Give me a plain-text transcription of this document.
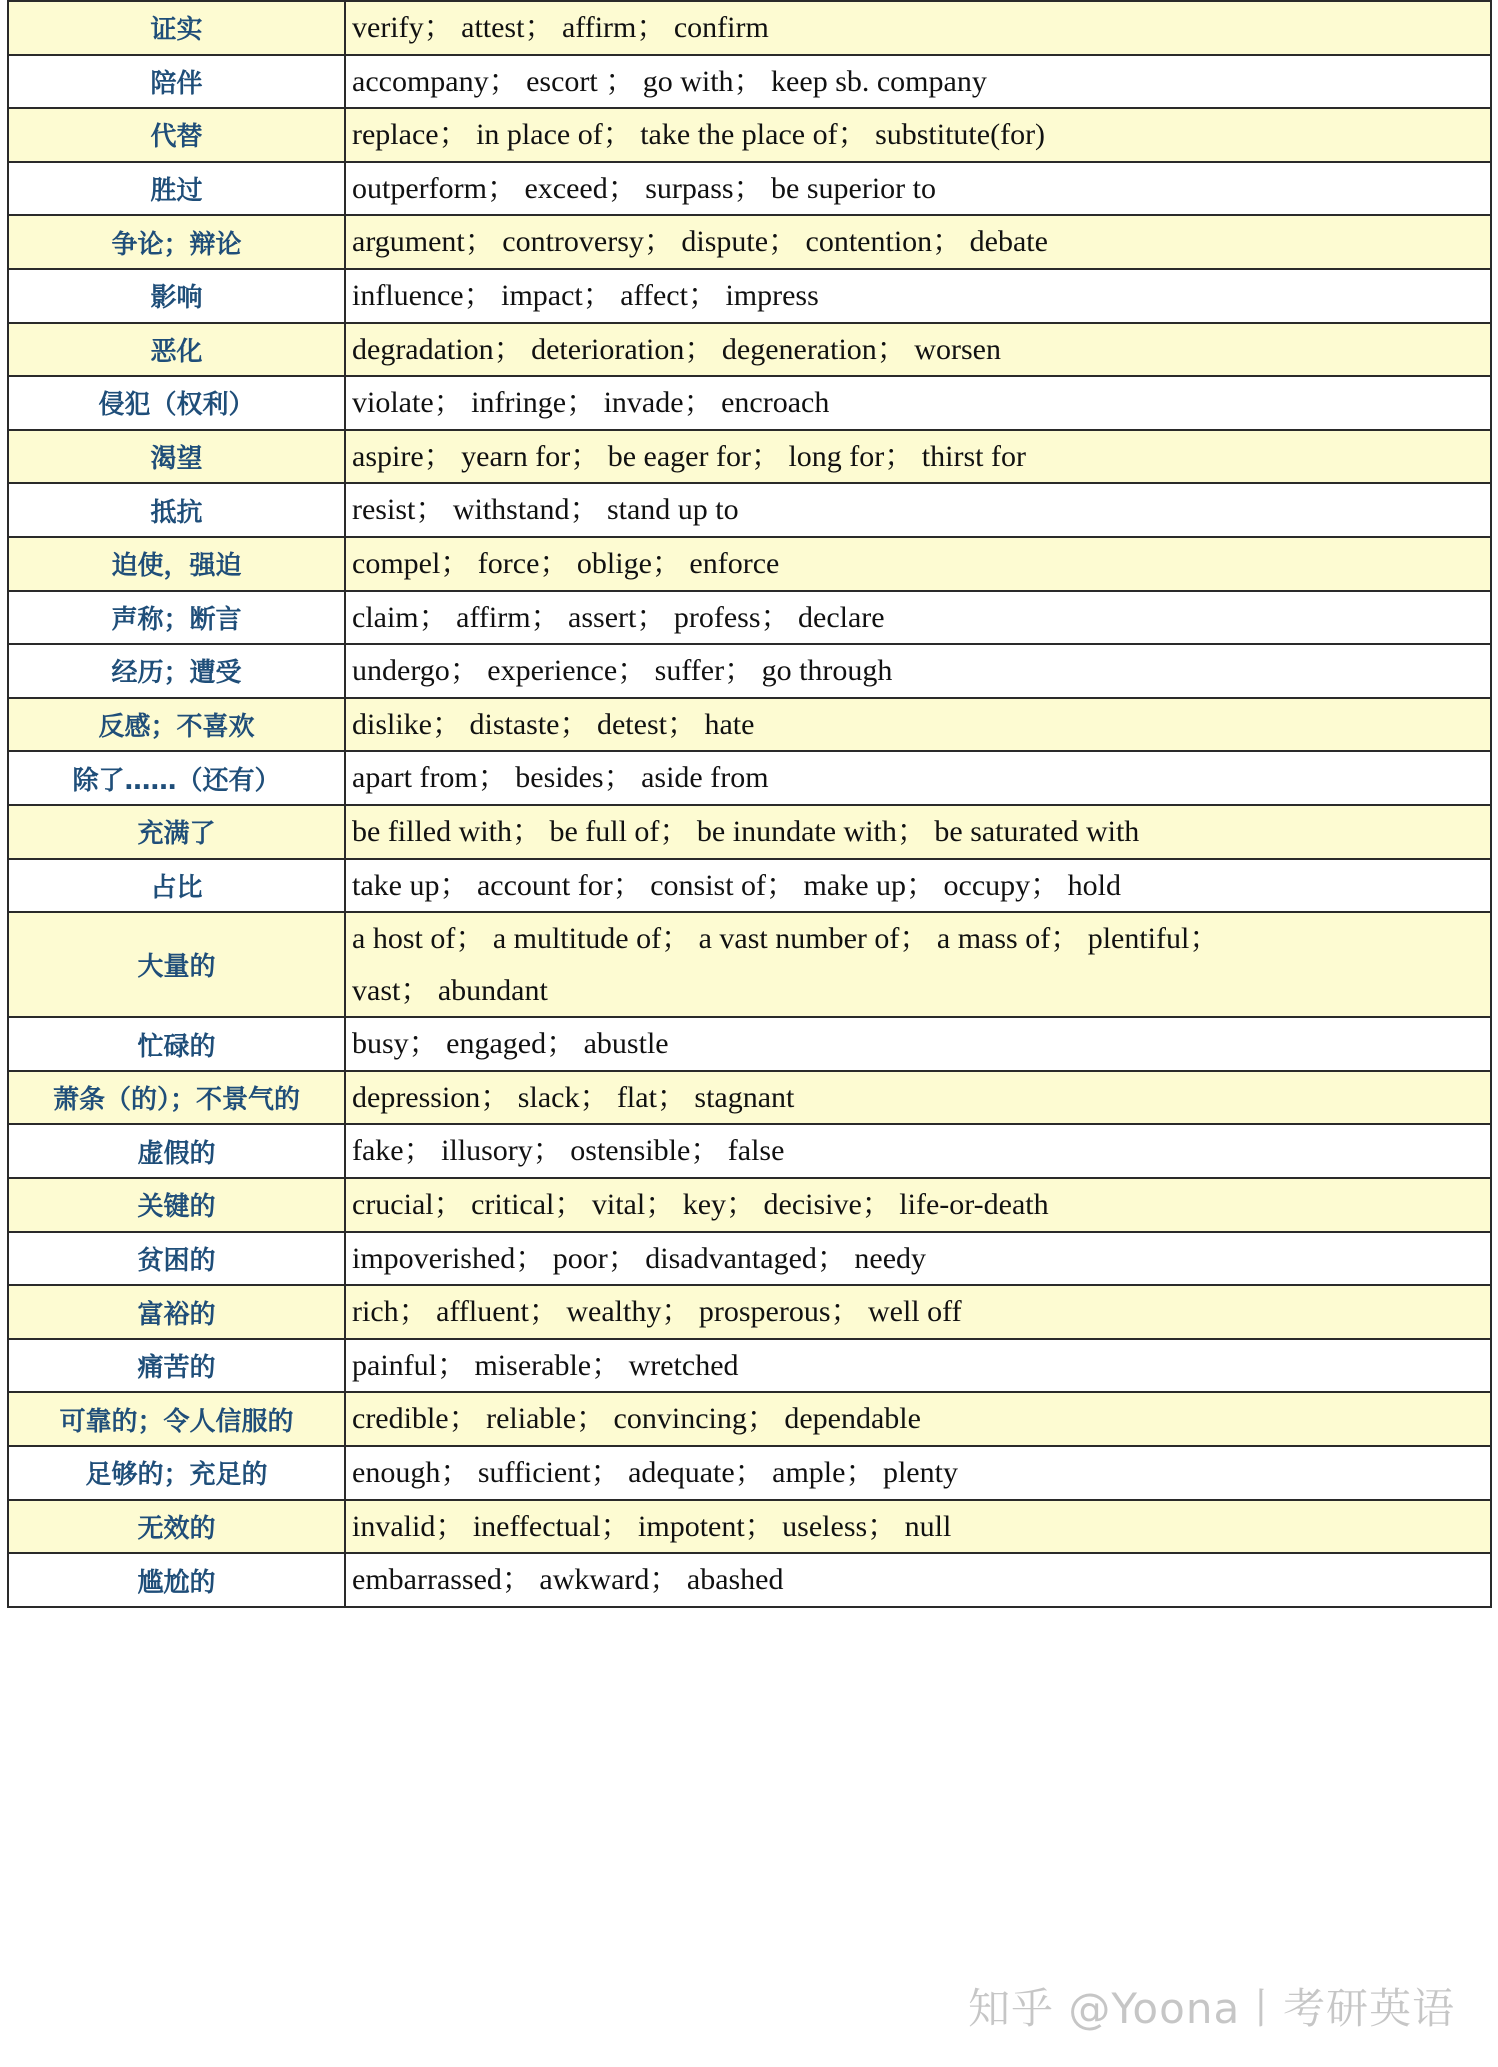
证实	verify； attest； affirm； confirm

陪伴	accompany； escort ； go with； keep sb. company

代替	replace； in place of； take the place of； substitute(for)

胜过	outperform； exceed； surpass； be superior to

争论；辩论	argument； controversy； dispute； contention； debate

影响	influence； impact； affect； impress

恶化	degradation； deterioration； degeneration； worsen

侵犯（权利）	violate； infringe； invade； encroach

渴望	aspire； yearn for； be eager for； long for； thirst for

抵抗	resist； withstand； stand up to

迫使，强迫	compel； force； oblige； enforce

声称；断言	claim； affirm； assert； profess； declare

经历；遭受	undergo； experience； suffer； go through

反感；不喜欢	dislike； distaste； detest； hate

除了……（还有）	apart from； besides； aside from

充满了	be filled with； be full of； be inundate with； be saturated with

占比	take up； account for； consist of； make up； occupy； hold

大量的	a host of； a multitude of； a vast number of； a mass of； plentiful；
vast； abundant

忙碌的	busy； engaged； abustle

萧条（的）；不景气的	depression； slack； flat； stagnant

虚假的	fake； illusory； ostensible； false

关键的	crucial； critical； vital； key； decisive； life-or-death

贫困的	impoverished； poor； disadvantaged； needy

富裕的	rich； affluent； wealthy； prosperous； well off

痛苦的	painful； miserable； wretched

可靠的；令人信服的	credible； reliable； convincing； dependable

足够的；充足的	enough； sufficient； adequate； ample； plenty

无效的	invalid； ineffectual； impotent； useless； null

尴尬的	embarrassed； awkward； abashed
知乎 @Yoona丨考研英语
